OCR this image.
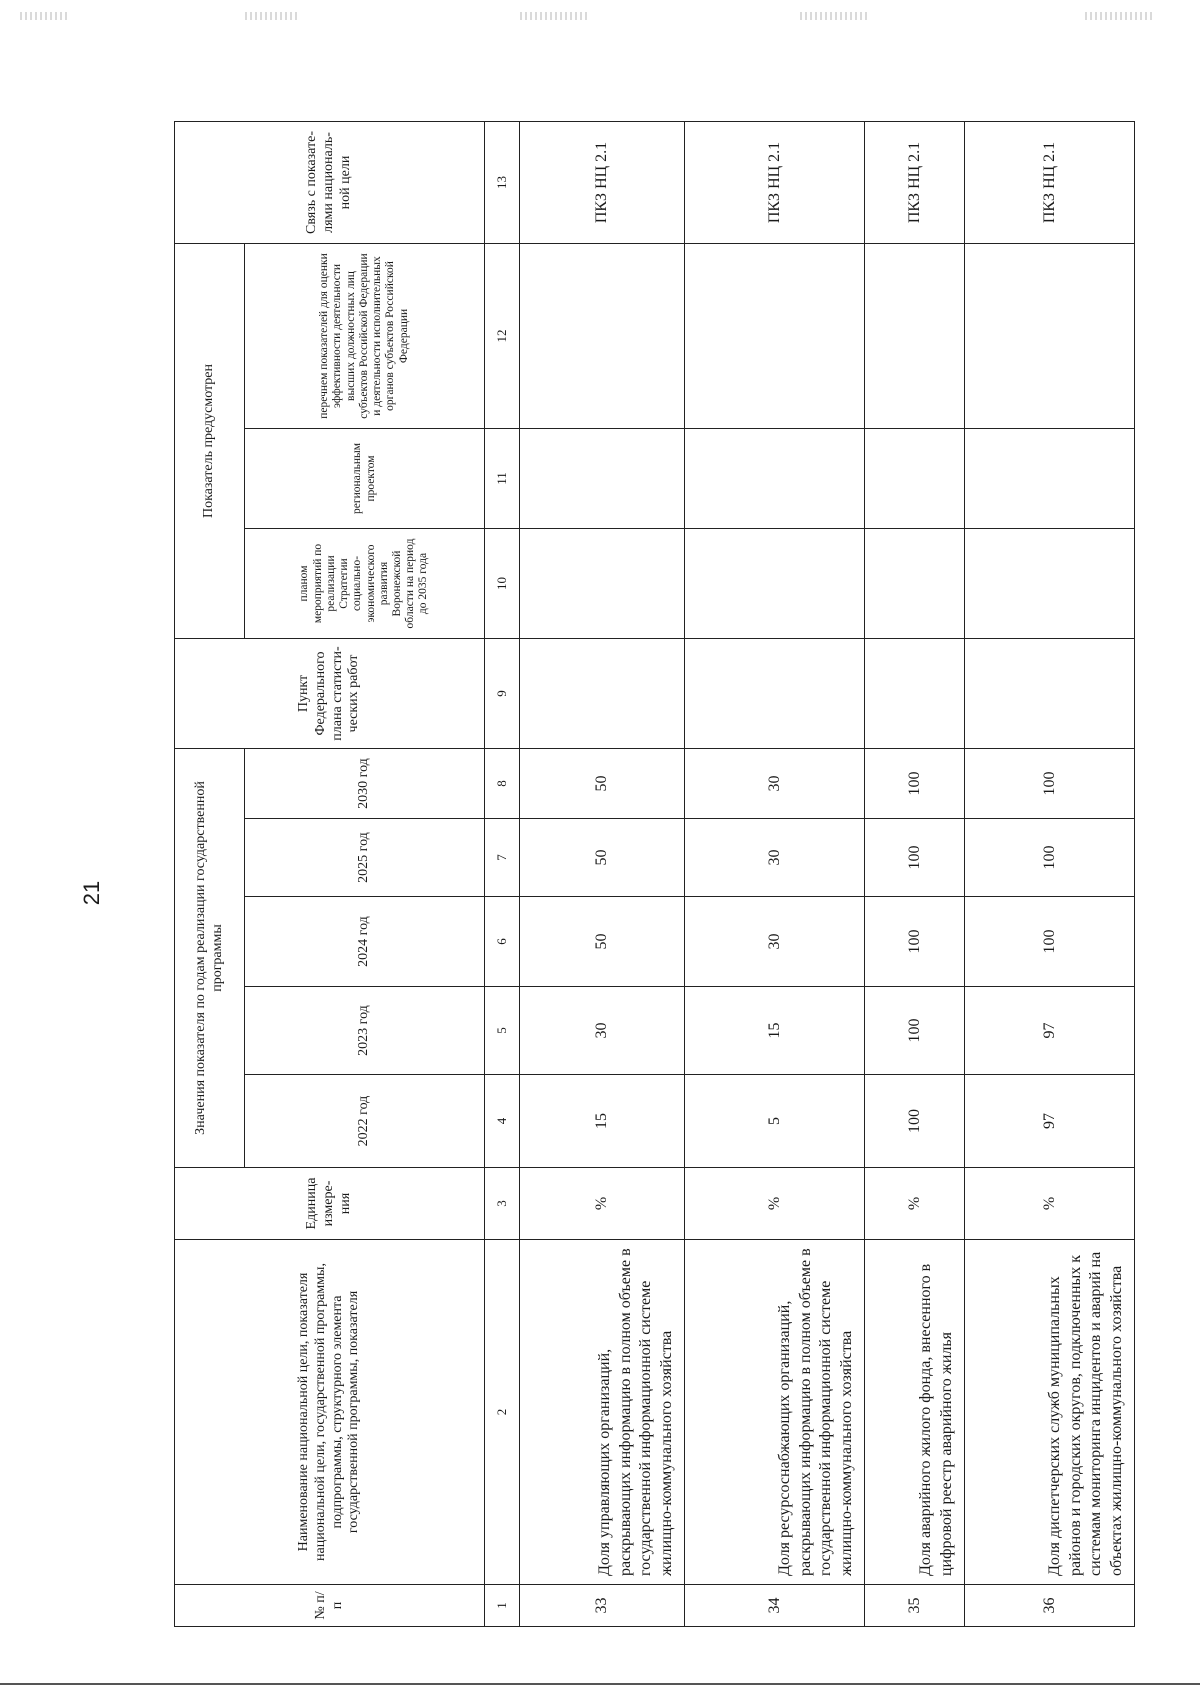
21
№ п/п	Наименование национальной цели, показателя национальной цели, государственной программы, подпрограммы, структурного элемента государственной программы, показателя	Единица измере-ния	Значения показателя по годам реализации государственной программы					Пункт Федерального плана статисти-ческих работ	Показатель предусмотрен			Связь с показате-лями националь-ной цели
			2022 год	2023 год	2024 год	2025 год	2030 год		планом мероприятий по реализации Стратегии социально-экономического развития Воронежской области на период до 2035 года	региональным проектом	перечнем показателей для оценки эффективности деятельности высших должностных лиц субъектов Российской Федерации и деятельности исполнительных органов субъектов Российской Федерации	
1	2	3	4	5	6	7	8	9	10	11	12	13
33	Доля управляющих организаций, раскрывающих информацию в полном объеме в государственной информационной системе жилищно-коммунального хозяйства	%	15	30	50	50	50					ПКЗ НЦ 2.1
34	Доля ресурсоснабжающих организаций, раскрывающих информацию в полном объеме в государственной информационной системе жилищно-коммунального хозяйства	%	5	15	30	30	30					ПКЗ НЦ 2.1
35	Доля аварийного жилого фонда, внесенного в цифровой реестр аварийного жилья	%	100	100	100	100	100					ПКЗ НЦ 2.1
36	Доля диспетчерских служб муниципальных районов и городских округов, подключенных к системам мониторинга инцидентов и аварий на объектах жилищно-коммунального хозяйства	%	97	97	100	100	100					ПКЗ НЦ 2.1
